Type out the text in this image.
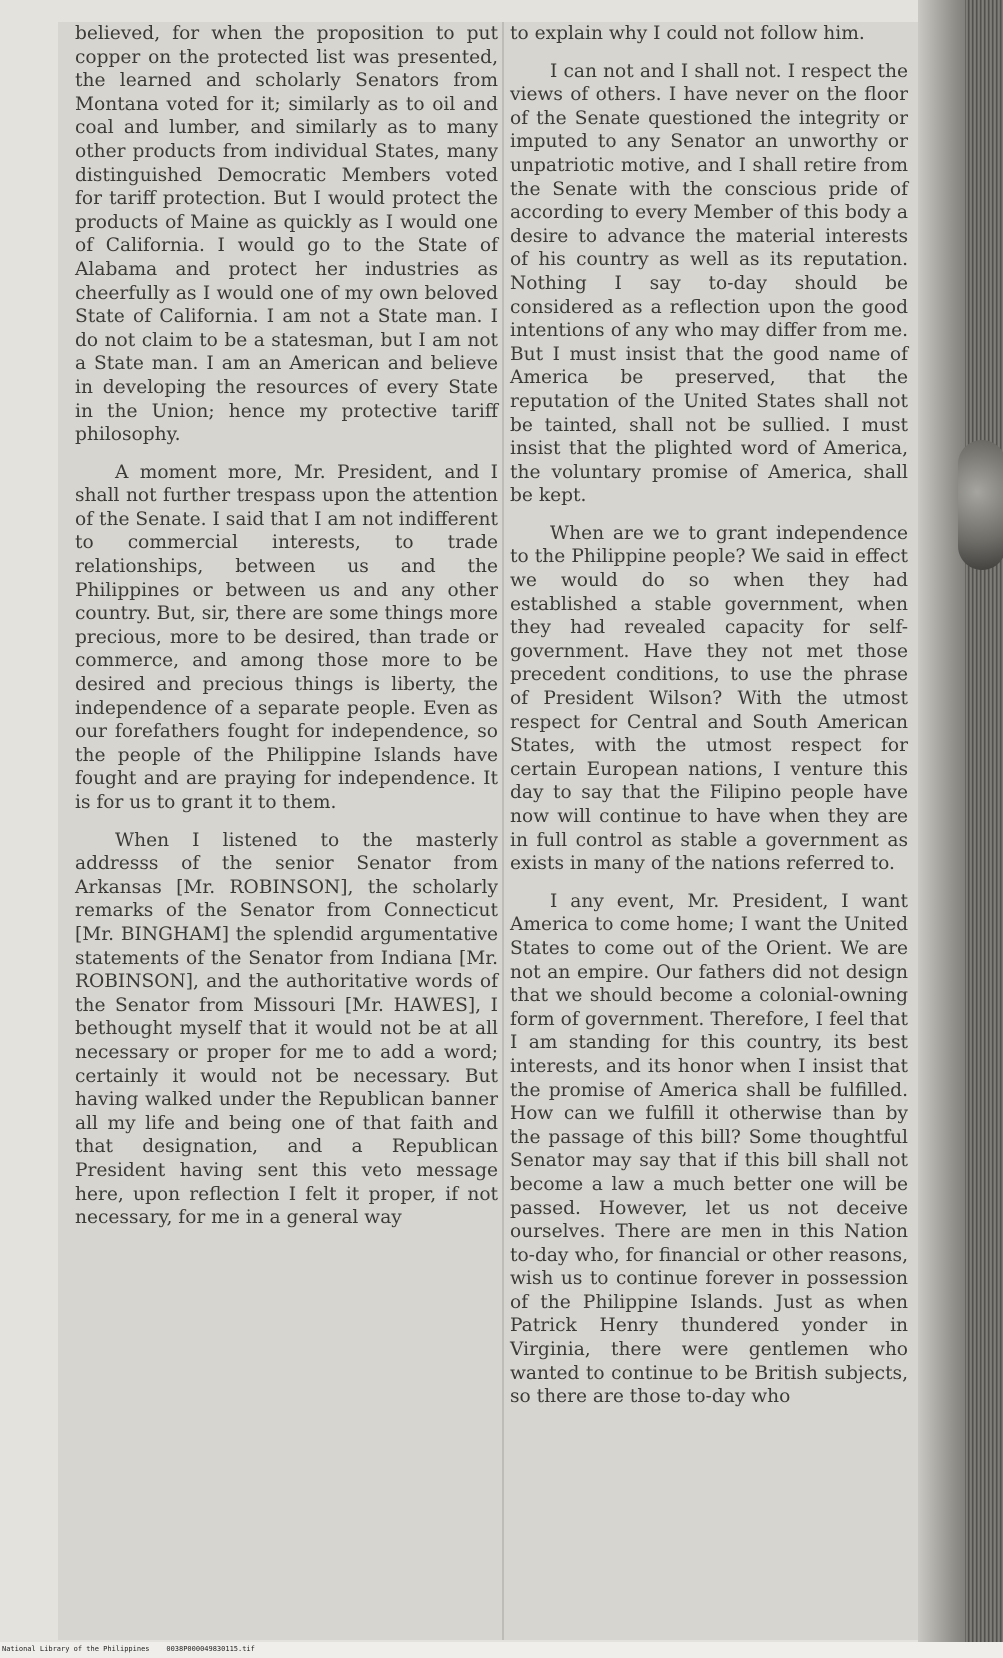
believed, for when the proposition to put copper on the protected list was presented, the learned and scholarly Senators from Montana voted for it; similarly as to oil and coal and lumber, and similarly as to many other products from individual States, many distinguished Democratic Members voted for tariff protection. But I would protect the products of Maine as quickly as I would one of California. I would go to the State of Alabama and protect her industries as cheerfully as I would one of my own beloved State of California. I am not a State man. I do not claim to be a statesman, but I am not a State man. I am an American and believe in developing the resources of every State in the Union; hence my protective tariff philosophy.

A moment more, Mr. President, and I shall not further trespass upon the attention of the Senate. I said that I am not indifferent to commercial interests, to trade relationships, between us and the Philippines or between us and any other country. But, sir, there are some things more precious, more to be desired, than trade or commerce, and among those more to be desired and precious things is liberty, the independence of a separate people. Even as our forefathers fought for independence, so the people of the Philippine Islands have fought and are praying for independence. It is for us to grant it to them.

When I listened to the masterly addresss of the senior Senator from Arkansas [Mr. ROBINSON], the scholarly remarks of the Senator from Connecticut [Mr. BINGHAM] the splendid argumentative statements of the Senator from Indiana [Mr. ROBINSON], and the authoritative words of the Senator from Missouri [Mr. HAWES], I bethought myself that it would not be at all necessary or proper for me to add a word; certainly it would not be necessary. But having walked under the Republican banner all my life and being one of that faith and that designation, and a Republican President having sent this veto message here, upon reflection I felt it proper, if not necessary, for me in a general way

to explain why I could not follow him.

I can not and I shall not. I respect the views of others. I have never on the floor of the Senate questioned the integrity or imputed to any Senator an unworthy or unpatriotic motive, and I shall retire from the Senate with the conscious pride of according to every Member of this body a desire to advance the material interests of his country as well as its reputation. Nothing I say to-day should be considered as a reflection upon the good intentions of any who may differ from me. But I must insist that the good name of America be preserved, that the reputation of the United States shall not be tainted, shall not be sullied. I must insist that the plighted word of America, the voluntary promise of America, shall be kept.

When are we to grant independence to the Philippine people? We said in effect we would do so when they had established a stable government, when they had revealed capacity for self-government. Have they not met those precedent conditions, to use the phrase of President Wilson? With the utmost respect for Central and South American States, with the utmost respect for certain European nations, I venture this day to say that the Filipino people have now will continue to have when they are in full control as stable a government as exists in many of the nations referred to.

I any event, Mr. President, I want America to come home; I want the United States to come out of the Orient. We are not an empire. Our fathers did not design that we should become a colonial-owning form of government. Therefore, I feel that I am standing for this country, its best interests, and its honor when I insist that the promise of America shall be fulfilled. How can we fulfill it otherwise than by the passage of this bill? Some thoughtful Senator may say that if this bill shall not become a law a much better one will be passed. However, let us not deceive ourselves. There are men in this Nation to-day who, for financial or other reasons, wish us to continue forever in possession of the Philippine Islands. Just as when Patrick Henry thundered yonder in Virginia, there were gentlemen who wanted to continue to be British subjects, so there are those to-day who

National Library of the Philippines    0038P000049830115.tif
